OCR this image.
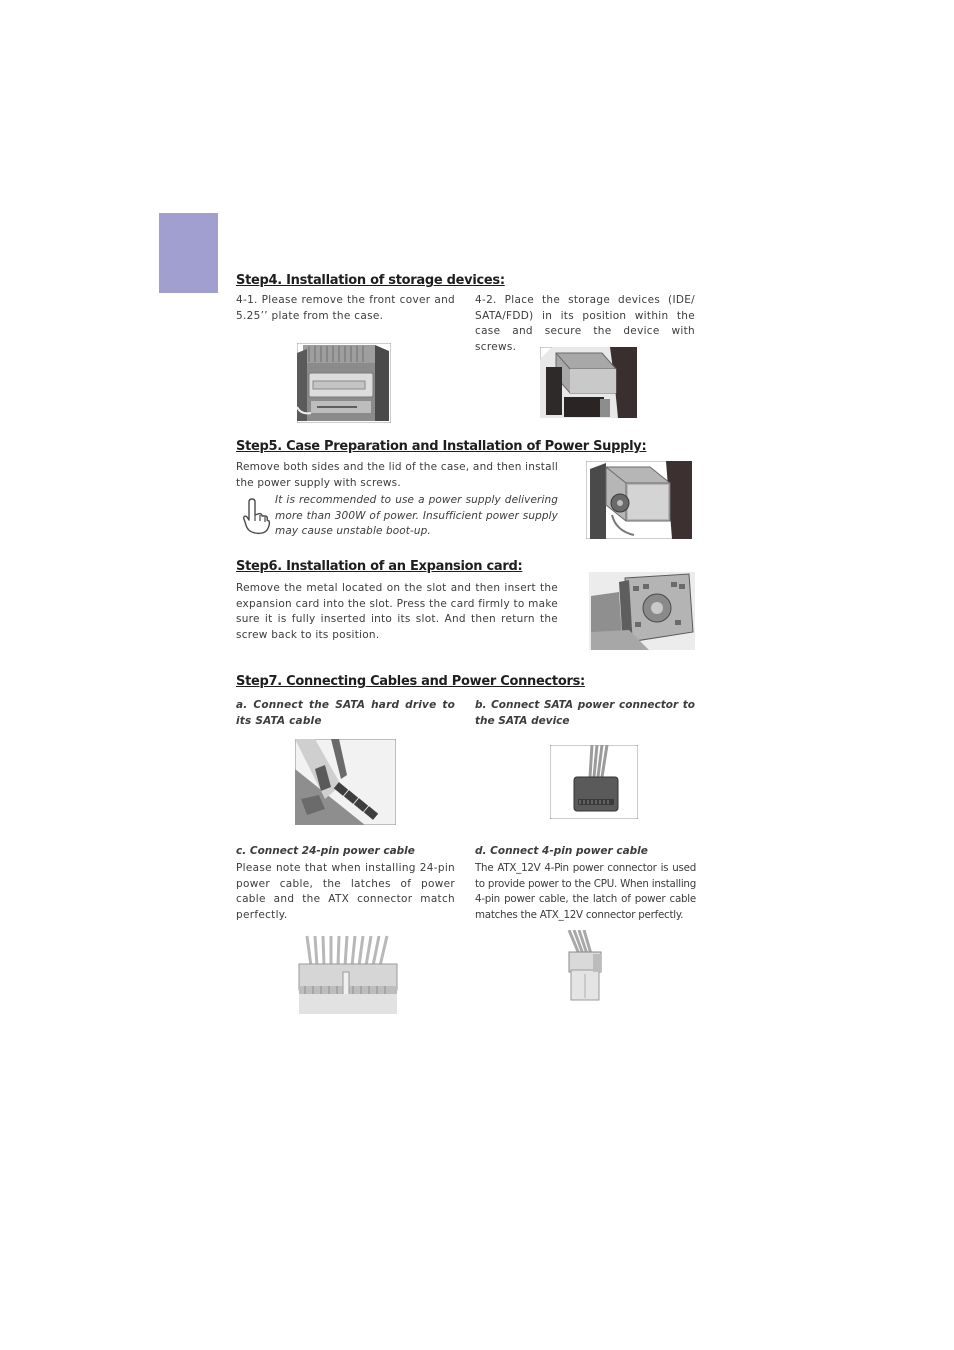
Step4. Installation of storage devices:

4-1. Please remove the front cover and 5.25’’ plate from the case.

4-2. Place the storage devices (IDE/ SATA/FDD) in its position within the case and secure the device with screws.

Step5. Case Preparation and Installation of Power Supply:

Remove both sides and the lid of the case, and then install the power supply with screws.

It is recommended to use a power supply delivering more than 300W of power. Insufficient power supply may cause unstable boot-up.

Step6. Installation of an Expansion card:

Remove the metal located on the slot and then insert the expansion card into the slot. Press the card firmly to make sure it is fully inserted into its slot. And then return the screw back to its position.

Step7. Connecting Cables and Power Connectors:

a. Connect the SATA hard drive to its SATA cable

b. Connect SATA power connector to the SATA device

c. Connect 24-pin power cable

Please note that when installing 24-pin power cable, the latches of power cable and the ATX connector match perfectly.

d. Connect 4-pin power cable

The ATX_12V 4-Pin power connector is used to provide power to the CPU. When installing 4-pin power cable, the latch of power cable matches the ATX_12V connector perfectly.
